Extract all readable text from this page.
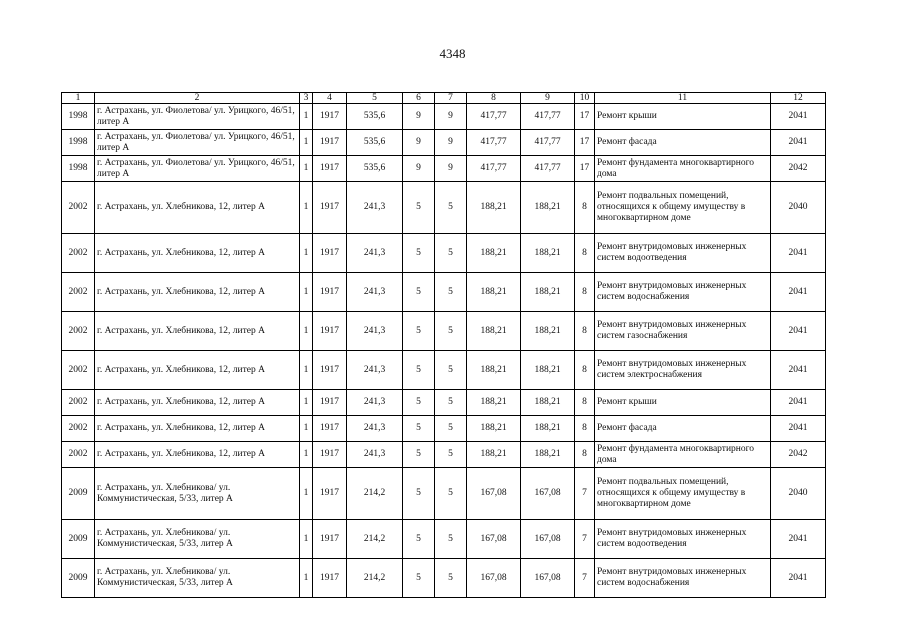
4348
1	2	3	4	5	6	7	8	9	10	11	12
1998	г. Астрахань, ул. Фиолетова/ ул. Урицкого, 46/51, литер А	1	1917	535,6	9	9	417,77	417,77	17	Ремонт крыши	2041
1998	г. Астрахань, ул. Фиолетова/ ул. Урицкого, 46/51, литер А	1	1917	535,6	9	9	417,77	417,77	17	Ремонт фасада	2041
1998	г. Астрахань, ул. Фиолетова/ ул. Урицкого, 46/51, литер А	1	1917	535,6	9	9	417,77	417,77	17	Ремонт фундамента многоквартирного дома	2042
2002	г. Астрахань, ул. Хлебникова, 12, литер А	1	1917	241,3	5	5	188,21	188,21	8	Ремонт подвальных помещений, относящихся к общему имуществу в многоквартирном доме	2040
2002	г. Астрахань, ул. Хлебникова, 12, литер А	1	1917	241,3	5	5	188,21	188,21	8	Ремонт внутридомовых инженерных систем водоотведения	2041
2002	г. Астрахань, ул. Хлебникова, 12, литер А	1	1917	241,3	5	5	188,21	188,21	8	Ремонт внутридомовых инженерных систем водоснабжения	2041
2002	г. Астрахань, ул. Хлебникова, 12, литер А	1	1917	241,3	5	5	188,21	188,21	8	Ремонт внутридомовых инженерных систем газоснабжения	2041
2002	г. Астрахань, ул. Хлебникова, 12, литер А	1	1917	241,3	5	5	188,21	188,21	8	Ремонт внутридомовых инженерных систем электроснабжения	2041
2002	г. Астрахань, ул. Хлебникова, 12, литер А	1	1917	241,3	5	5	188,21	188,21	8	Ремонт крыши	2041
2002	г. Астрахань, ул. Хлебникова, 12, литер А	1	1917	241,3	5	5	188,21	188,21	8	Ремонт фасада	2041
2002	г. Астрахань, ул. Хлебникова, 12, литер А	1	1917	241,3	5	5	188,21	188,21	8	Ремонт фундамента многоквартирного дома	2042
2009	г. Астрахань, ул. Хлебникова/ ул. Коммунистическая, 5/33, литер А	1	1917	214,2	5	5	167,08	167,08	7	Ремонт подвальных помещений, относящихся к общему имуществу в многоквартирном доме	2040
2009	г. Астрахань, ул. Хлебникова/ ул. Коммунистическая, 5/33, литер А	1	1917	214,2	5	5	167,08	167,08	7	Ремонт внутридомовых инженерных систем водоотведения	2041
2009	г. Астрахань, ул. Хлебникова/ ул. Коммунистическая, 5/33, литер А	1	1917	214,2	5	5	167,08	167,08	7	Ремонт внутридомовых инженерных систем водоснабжения	2041
